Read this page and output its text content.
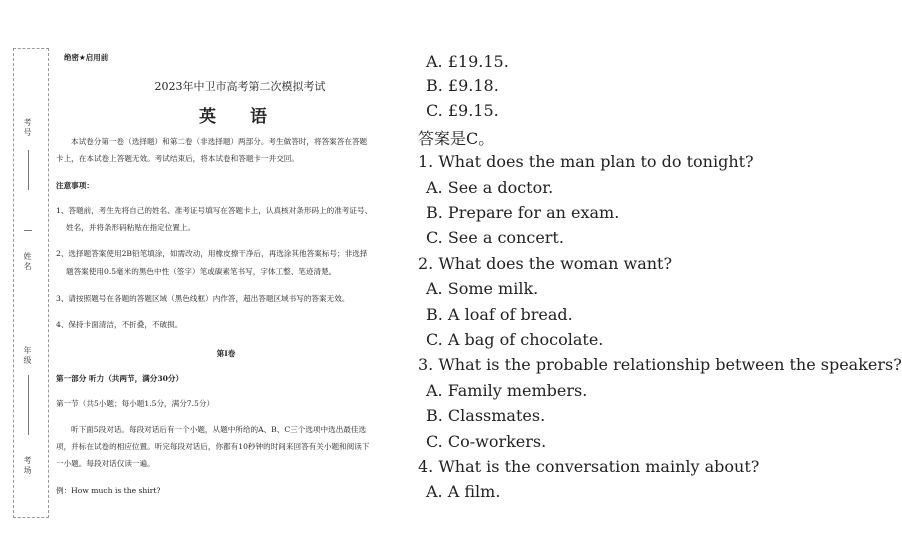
考号
姓名
年级
考场
绝密★启用前
2023年中卫市高考第二次模拟考试
英 语
本试卷分第一卷（选择题）和第二卷（非选择题）两部分。考生做答时，将答案答在答题
卡上，在本试卷上答题无效。考试结束后，将本试卷和答题卡一并交回。
注意事项：
1、答题前，考生先将自己的姓名、准考证号填写在答题卡上，认真核对条形码上的准考证号、
姓名，并将条形码粘贴在指定位置上。
2、选择题答案使用2B铅笔填涂，如需改动，用橡皮擦干净后，再选涂其他答案标号；非选择
题答案使用0.5毫米的黑色中性（签字）笔或碳素笔书写，字体工整、笔迹清楚。
3、请按照题号在各题的答题区域（黑色线框）内作答，超出答题区域书写的答案无效。
4、保持卡面清洁，不折叠，不破损。
第Ⅰ卷
第一部分 听力（共两节，满分30分）
第一节（共5小题；每小题1.5分，满分7.5分）
听下面5段对话。每段对话后有一个小题，从题中所给的A、B、C三个选项中选出最佳选
项，并标在试卷的相应位置。听完每段对话后，你都有10秒钟的时间来回答有关小题和阅读下
一小题。每段对话仅读一遍。
例：How much is the shirt?
A. £19.15.
B. £9.18.
C. £9.15.
答案是C。
1. What does the man plan to do tonight?
A. See a doctor.
B. Prepare for an exam.
C. See a concert.
2. What does the woman want?
A. Some milk.
B. A loaf of bread.
C. A bag of chocolate.
3. What is the probable relationship between the speakers?
A. Family members.
B. Classmates.
C. Co-workers.
4. What is the conversation mainly about?
A. A film.
